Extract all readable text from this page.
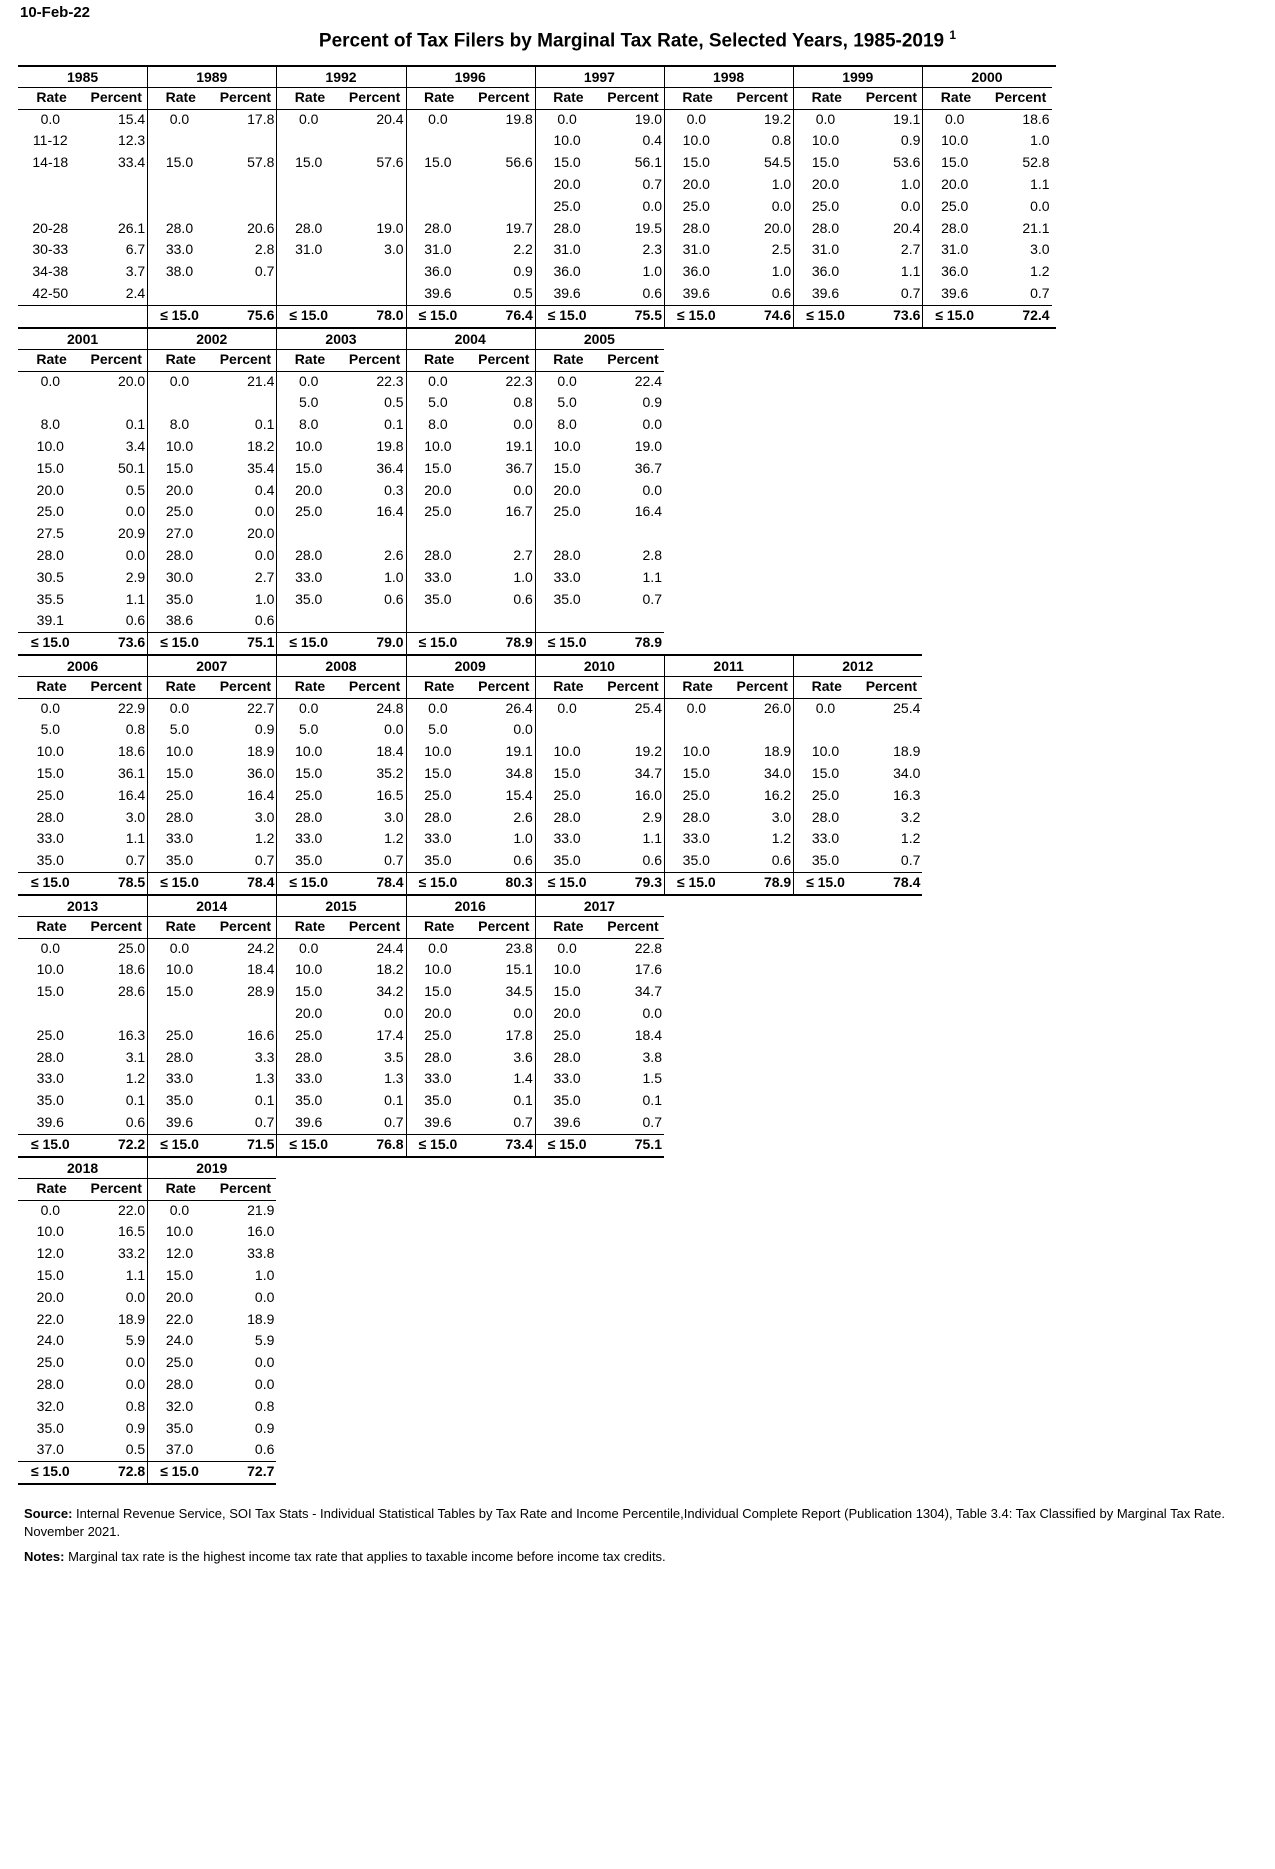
10-Feb-22
Percent of Tax Filers by Marginal Tax Rate, Selected Years, 1985-2019 $^1$
1985
Rate	Percent
0.0	15.4
11-12	12.3
14-18	33.4
20-28	26.1
30-33	6.7
34-38	3.7
42-50	2.4
1989
Rate	Percent
0.0	17.8
15.0	57.8
28.0	20.6
33.0	2.8
38.0	0.7
≤ 15.0	75.6
1992
Rate	Percent
0.0	20.4
15.0	57.6
28.0	19.0
31.0	3.0
≤ 15.0	78.0
1996
Rate	Percent
0.0	19.8
15.0	56.6
28.0	19.7
31.0	2.2
36.0	0.9
39.6	0.5
≤ 15.0	76.4
1997
Rate	Percent
0.0	19.0
10.0	0.4
15.0	56.1
20.0	0.7
25.0	0.0
28.0	19.5
31.0	2.3
36.0	1.0
39.6	0.6
≤ 15.0	75.5
1998
Rate	Percent
0.0	19.2
10.0	0.8
15.0	54.5
20.0	1.0
25.0	0.0
28.0	20.0
31.0	2.5
36.0	1.0
39.6	0.6
≤ 15.0	74.6
1999
Rate	Percent
0.0	19.1
10.0	0.9
15.0	53.6
20.0	1.0
25.0	0.0
28.0	20.4
31.0	2.7
36.0	1.1
39.6	0.7
≤ 15.0	73.6
2000
Rate	Percent
0.0	18.6
10.0	1.0
15.0	52.8
20.0	1.1
25.0	0.0
28.0	21.1
31.0	3.0
36.0	1.2
39.6	0.7
≤ 15.0	72.4
2001
Rate	Percent
0.0	20.0
8.0	0.1
10.0	3.4
15.0	50.1
20.0	0.5
25.0	0.0
27.5	20.9
28.0	0.0
30.5	2.9
35.5	1.1
39.1	0.6
≤ 15.0	73.6
2002
Rate	Percent
0.0	21.4
8.0	0.1
10.0	18.2
15.0	35.4
20.0	0.4
25.0	0.0
27.0	20.0
28.0	0.0
30.0	2.7
35.0	1.0
38.6	0.6
≤ 15.0	75.1
2003
Rate	Percent
0.0	22.3
5.0	0.5
8.0	0.1
10.0	19.8
15.0	36.4
20.0	0.3
25.0	16.4
28.0	2.6
33.0	1.0
35.0	0.6
≤ 15.0	79.0
2004
Rate	Percent
0.0	22.3
5.0	0.8
8.0	0.0
10.0	19.1
15.0	36.7
20.0	0.0
25.0	16.7
28.0	2.7
33.0	1.0
35.0	0.6
≤ 15.0	78.9
2005
Rate	Percent
0.0	22.4
5.0	0.9
8.0	0.0
10.0	19.0
15.0	36.7
20.0	0.0
25.0	16.4
28.0	2.8
33.0	1.1
35.0	0.7
≤ 15.0	78.9
2006
Rate	Percent
0.0	22.9
5.0	0.8
10.0	18.6
15.0	36.1
25.0	16.4
28.0	3.0
33.0	1.1
35.0	0.7
≤ 15.0	78.5
2007
Rate	Percent
0.0	22.7
5.0	0.9
10.0	18.9
15.0	36.0
25.0	16.4
28.0	3.0
33.0	1.2
35.0	0.7
≤ 15.0	78.4
2008
Rate	Percent
0.0	24.8
5.0	0.0
10.0	18.4
15.0	35.2
25.0	16.5
28.0	3.0
33.0	1.2
35.0	0.7
≤ 15.0	78.4
2009
Rate	Percent
0.0	26.4
5.0	0.0
10.0	19.1
15.0	34.8
25.0	15.4
28.0	2.6
33.0	1.0
35.0	0.6
≤ 15.0	80.3
2010
Rate	Percent
0.0	25.4
10.0	19.2
15.0	34.7
25.0	16.0
28.0	2.9
33.0	1.1
35.0	0.6
≤ 15.0	79.3
2011
Rate	Percent
0.0	26.0
10.0	18.9
15.0	34.0
25.0	16.2
28.0	3.0
33.0	1.2
35.0	0.6
≤ 15.0	78.9
2012
Rate	Percent
0.0	25.4
10.0	18.9
15.0	34.0
25.0	16.3
28.0	3.2
33.0	1.2
35.0	0.7
≤ 15.0	78.4
2013
Rate	Percent
0.0	25.0
10.0	18.6
15.0	28.6
25.0	16.3
28.0	3.1
33.0	1.2
35.0	0.1
39.6	0.6
≤ 15.0	72.2
2014
Rate	Percent
0.0	24.2
10.0	18.4
15.0	28.9
25.0	16.6
28.0	3.3
33.0	1.3
35.0	0.1
39.6	0.7
≤ 15.0	71.5
2015
Rate	Percent
0.0	24.4
10.0	18.2
15.0	34.2
20.0	0.0
25.0	17.4
28.0	3.5
33.0	1.3
35.0	0.1
39.6	0.7
≤ 15.0	76.8
2016
Rate	Percent
0.0	23.8
10.0	15.1
15.0	34.5
20.0	0.0
25.0	17.8
28.0	3.6
33.0	1.4
35.0	0.1
39.6	0.7
≤ 15.0	73.4
2017
Rate	Percent
0.0	22.8
10.0	17.6
15.0	34.7
20.0	0.0
25.0	18.4
28.0	3.8
33.0	1.5
35.0	0.1
39.6	0.7
≤ 15.0	75.1
2018
Rate	Percent
0.0	22.0
10.0	16.5
12.0	33.2
15.0	1.1
20.0	0.0
22.0	18.9
24.0	5.9
25.0	0.0
28.0	0.0
32.0	0.8
35.0	0.9
37.0	0.5
≤ 15.0	72.8
2019
Rate	Percent
0.0	21.9
10.0	16.0
12.0	33.8
15.0	1.0
20.0	0.0
22.0	18.9
24.0	5.9
25.0	0.0
28.0	0.0
32.0	0.8
35.0	0.9
37.0	0.6
≤ 15.0	72.7
Source: Internal Revenue Service, SOI Tax Stats - Individual Statistical Tables by Tax Rate and Income Percentile,Individual Complete Report (Publication 1304), Table 3.4: Tax Classified by Marginal Tax Rate. November 2021.
Notes: Marginal tax rate is the highest income tax rate that applies to taxable income before income tax credits.
